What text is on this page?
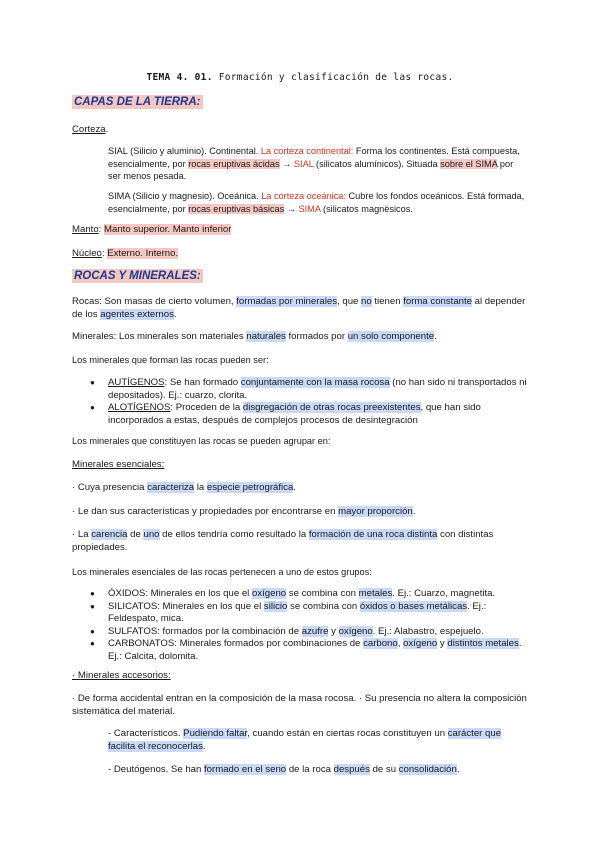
TEMA 4. 01. Formación y clasificación de las rocas.
CAPAS DE LA TIERRA:
Corteza.
SIAL (Silicio y aluminio). Continental. La corteza continental: Forma los continentes. Está compuesta, esencialmente, por rocas eruptivas ácidas → SIAL (silicatos alumínicos). Situada sobre el SIMA por ser menos pesada.
SIMA (Silicio y magnesio). Oceánica. La corteza oceánica: Cubre los fondos oceánicos. Está formada, esencialmente, por rocas eruptivas básicas → SIMA (silicatos magnésicos.
Manto: Manto superior. Manto inferior
Núcleo: Externo. Interno.
ROCAS Y MINERALES:
Rocas: Son masas de cierto volumen, formadas por minerales, que no tienen forma constante al depender de los agentes externos.
Minerales: Los minerales son materiales naturales formados por un solo componente.
Los minerales que forman las rocas pueden ser:
● AUTÍGENOS: Se han formado conjuntamente con la masa rocosa (no han sido ni transportados ni depositados). Ej.: cuarzo, clorita.
● ALOTÍGENOS: Proceden de la disgregación de otras rocas preexistentes, que han sido incorporados a estas, después de complejos procesos de desintegración
Los minerales que constituyen las rocas se pueden agrupar en:
Minerales esenciales:
· Cuya presencia caracteriza la especie petrográfica.
· Le dan sus características y propiedades por encontrarse en mayor proporción.
· La carencia de uno de ellos tendría como resultado la formación de una roca distinta con distintas propiedades.
Los minerales esenciales de las rocas pertenecen a uno de estos grupos:
● ÓXIDOS: Minerales en los que el oxígeno se combina con metales. Ej.: Cuarzo, magnetita.
● SILICATOS: Minerales en los que el silicio se combina con óxidos o bases metálicas. Ej.: Feldespato, mica.
● SULFATOS: formados por la combinación de azufre y oxígeno. Ej.: Alabastro, espejuelo.
● CARBONATOS: Minerales formados por combinaciones de carbono, oxígeno y distintos metales. Ej.: Calcita, dolomita.
· Minerales accesorios:
· De forma accidental entran en la composición de la masa rocosa. · Su presencia no altera la composición sistemática del material.
- Característicos. Pudiendo faltar, cuando están en ciertas rocas constituyen un carácter que facilita el reconocerlas.
- Deutógenos. Se han formado en el seno de la roca después de su consolidación.
